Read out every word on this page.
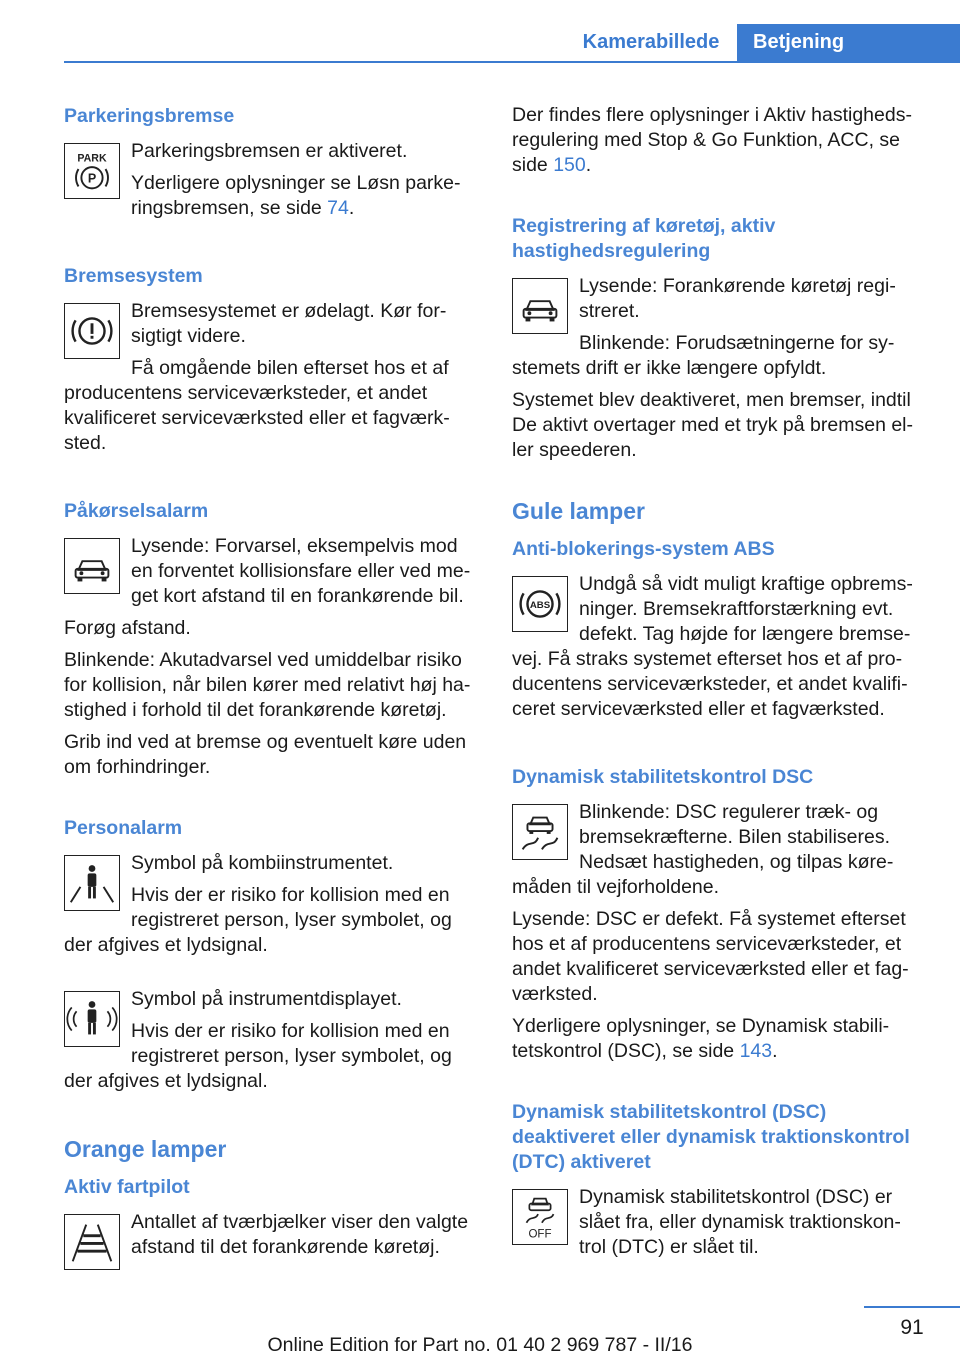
Kamerabillede	Betjening
Parkeringsbremse
PARK
P

Parkeringsbremsen er aktiveret.

Yderligere oplysninger se Løsn parke-ringsbremsen, se side 74.

Bremsesystem

Bremsesystemet er ødelagt. Kør for-sigtigt videre.

Få omgående bilen efterset hos et af producentens serviceværksteder, et andet kvalificeret serviceværksted eller et fagværk-sted.

Påkørselsalarm

Lysende: Forvarsel, eksempelvis mod en forventet kollisionsfare eller ved me-get kort afstand til en forankørende bil.

Forøg afstand.

Blinkende: Akutadvarsel ved umiddelbar risiko for kollision, når bilen kører med relativt høj ha-stighed i forhold til det forankørende køretøj.

Grib ind ved at bremse og eventuelt køre uden om forhindringer.

Personalarm

Symbol på kombiinstrumentet.

Hvis der er risiko for kollision med en registreret person, lyser symbolet, og der afgives et lydsignal.

Symbol på instrumentdisplayet.

Hvis der er risiko for kollision med en registreret person, lyser symbolet, og der afgives et lydsignal.

Orange lamper
Aktiv fartpilot

Antallet af tværbjælker viser den valgte afstand til det forankørende køretøj.

Der findes flere oplysninger i Aktiv hastigheds-regulering med Stop & Go Funktion, ACC, se side 150.

Registrering af køretøj, aktiv hastighedsregulering

Lysende: Forankørende køretøj regi-streret.

Blinkende: Forudsætningerne for sy-stemets drift er ikke længere opfyldt.

Systemet blev deaktiveret, men bremser, indtil De aktivt overtager med et tryk på bremsen el-ler speederen.

Gule lamper
Anti-blokerings-system ABS
ABS

Undgå så vidt muligt kraftige opbrems-ninger. Bremsekraftforstærkning evt. defekt. Tag højde for længere bremse-vej. Få straks systemet efterset hos et af pro-ducentens serviceværksteder, et andet kvalifi-ceret serviceværksted eller et fagværksted.

Dynamisk stabilitetskontrol DSC

Blinkende: DSC regulerer træk- og bremsekræfterne. Bilen stabiliseres. Nedsæt hastigheden, og tilpas køre-måden til vejforholdene.

Lysende: DSC er defekt. Få systemet efterset hos et af producentens serviceværksteder, et andet kvalificeret serviceværksted eller et fag-værksted.

Yderligere oplysninger, se Dynamisk stabili-tetskontrol (DSC), se side 143.

Dynamisk stabilitetskontrol (DSC) deaktiveret eller dynamisk traktionskontrol (DTC) aktiveret
OFF

Dynamisk stabilitetskontrol (DSC) er slået fra, eller dynamisk traktionskon-trol (DTC) er slået til.

91
Online Edition for Part no. 01 40 2 969 787 - II/16
